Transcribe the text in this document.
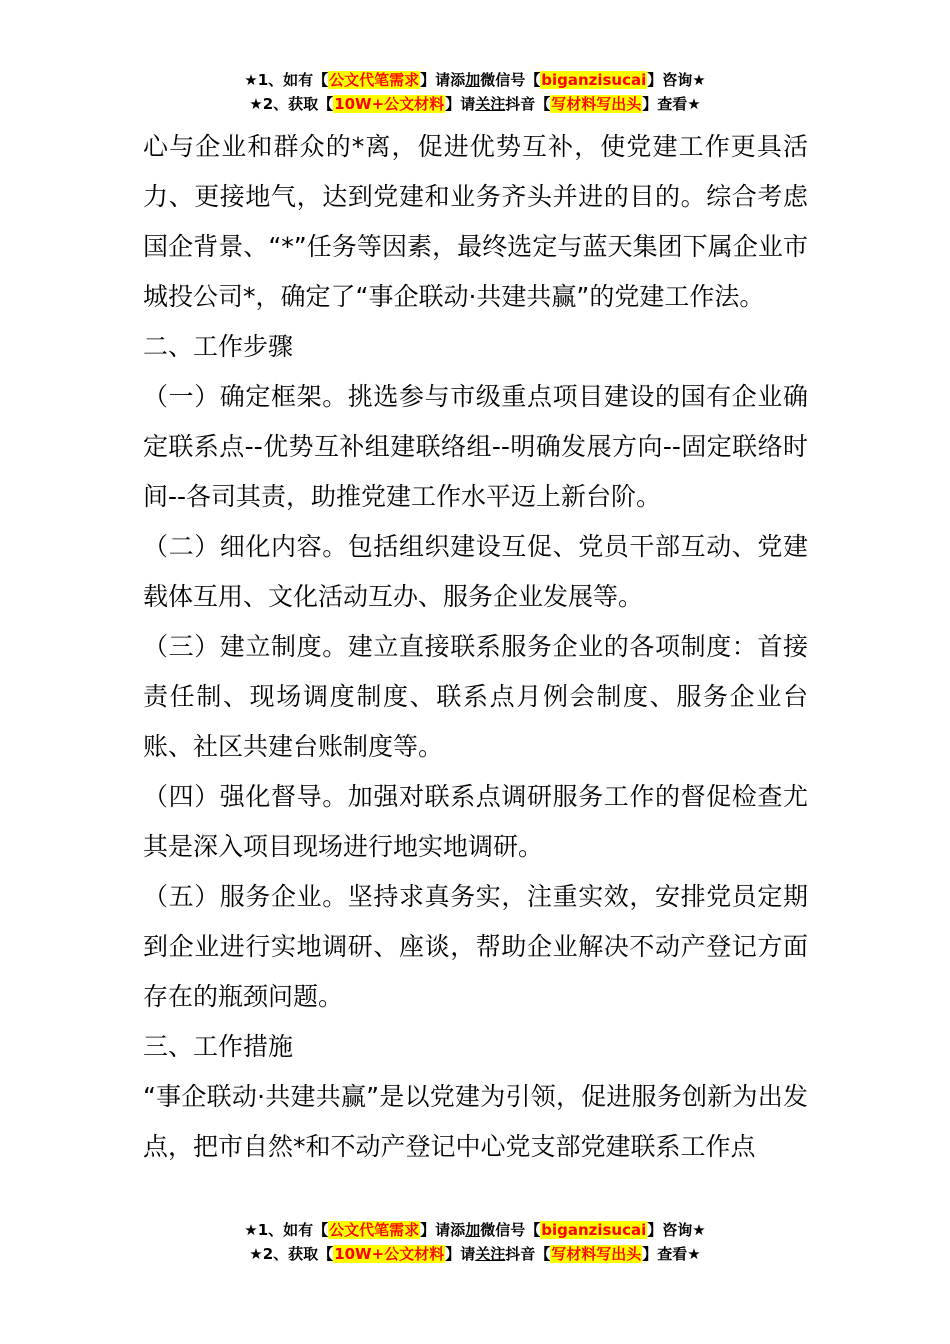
★1、如有【公文代笔需求】请添加微信号【biganzisucai】咨询★
★2、获取【10W+公文材料】请关注抖音【写材料写出头】查看★

心与企业和群众的*离，促进优势互补，使党建工作更具活力、更接地气，达到党建和业务齐头并进的目的。综合考虑国企背景、“*”任务等因素，最终选定与蓝天集团下属企业市城投公司*，确定了“事企联动·共建共赢”的党建工作法。

二、工作步骤

（一）确定框架。挑选参与市级重点项目建设的国有企业确定联系点--优势互补组建联络组--明确发展方向--固定联络时间--各司其责，助推党建工作水平迈上新台阶。

（二）细化内容。包括组织建设互促、党员干部互动、党建载体互用、文化活动互办、服务企业发展等。

（三）建立制度。建立直接联系服务企业的各项制度：首接责任制、现场调度制度、联系点月例会制度、服务企业台账、社区共建台账制度等。

（四）强化督导。加强对联系点调研服务工作的督促检查尤其是深入项目现场进行地实地调研。

（五）服务企业。坚持求真务实，注重实效，安排党员定期到企业进行实地调研、座谈，帮助企业解决不动产登记方面存在的瓶颈问题。

三、工作措施

“事企联动·共建共赢”是以党建为引领，促进服务创新为出发点，把市自然*和不动产登记中心党支部党建联系工作点

★1、如有【公文代笔需求】请添加微信号【biganzisucai】咨询★
★2、获取【10W+公文材料】请关注抖音【写材料写出头】查看★
